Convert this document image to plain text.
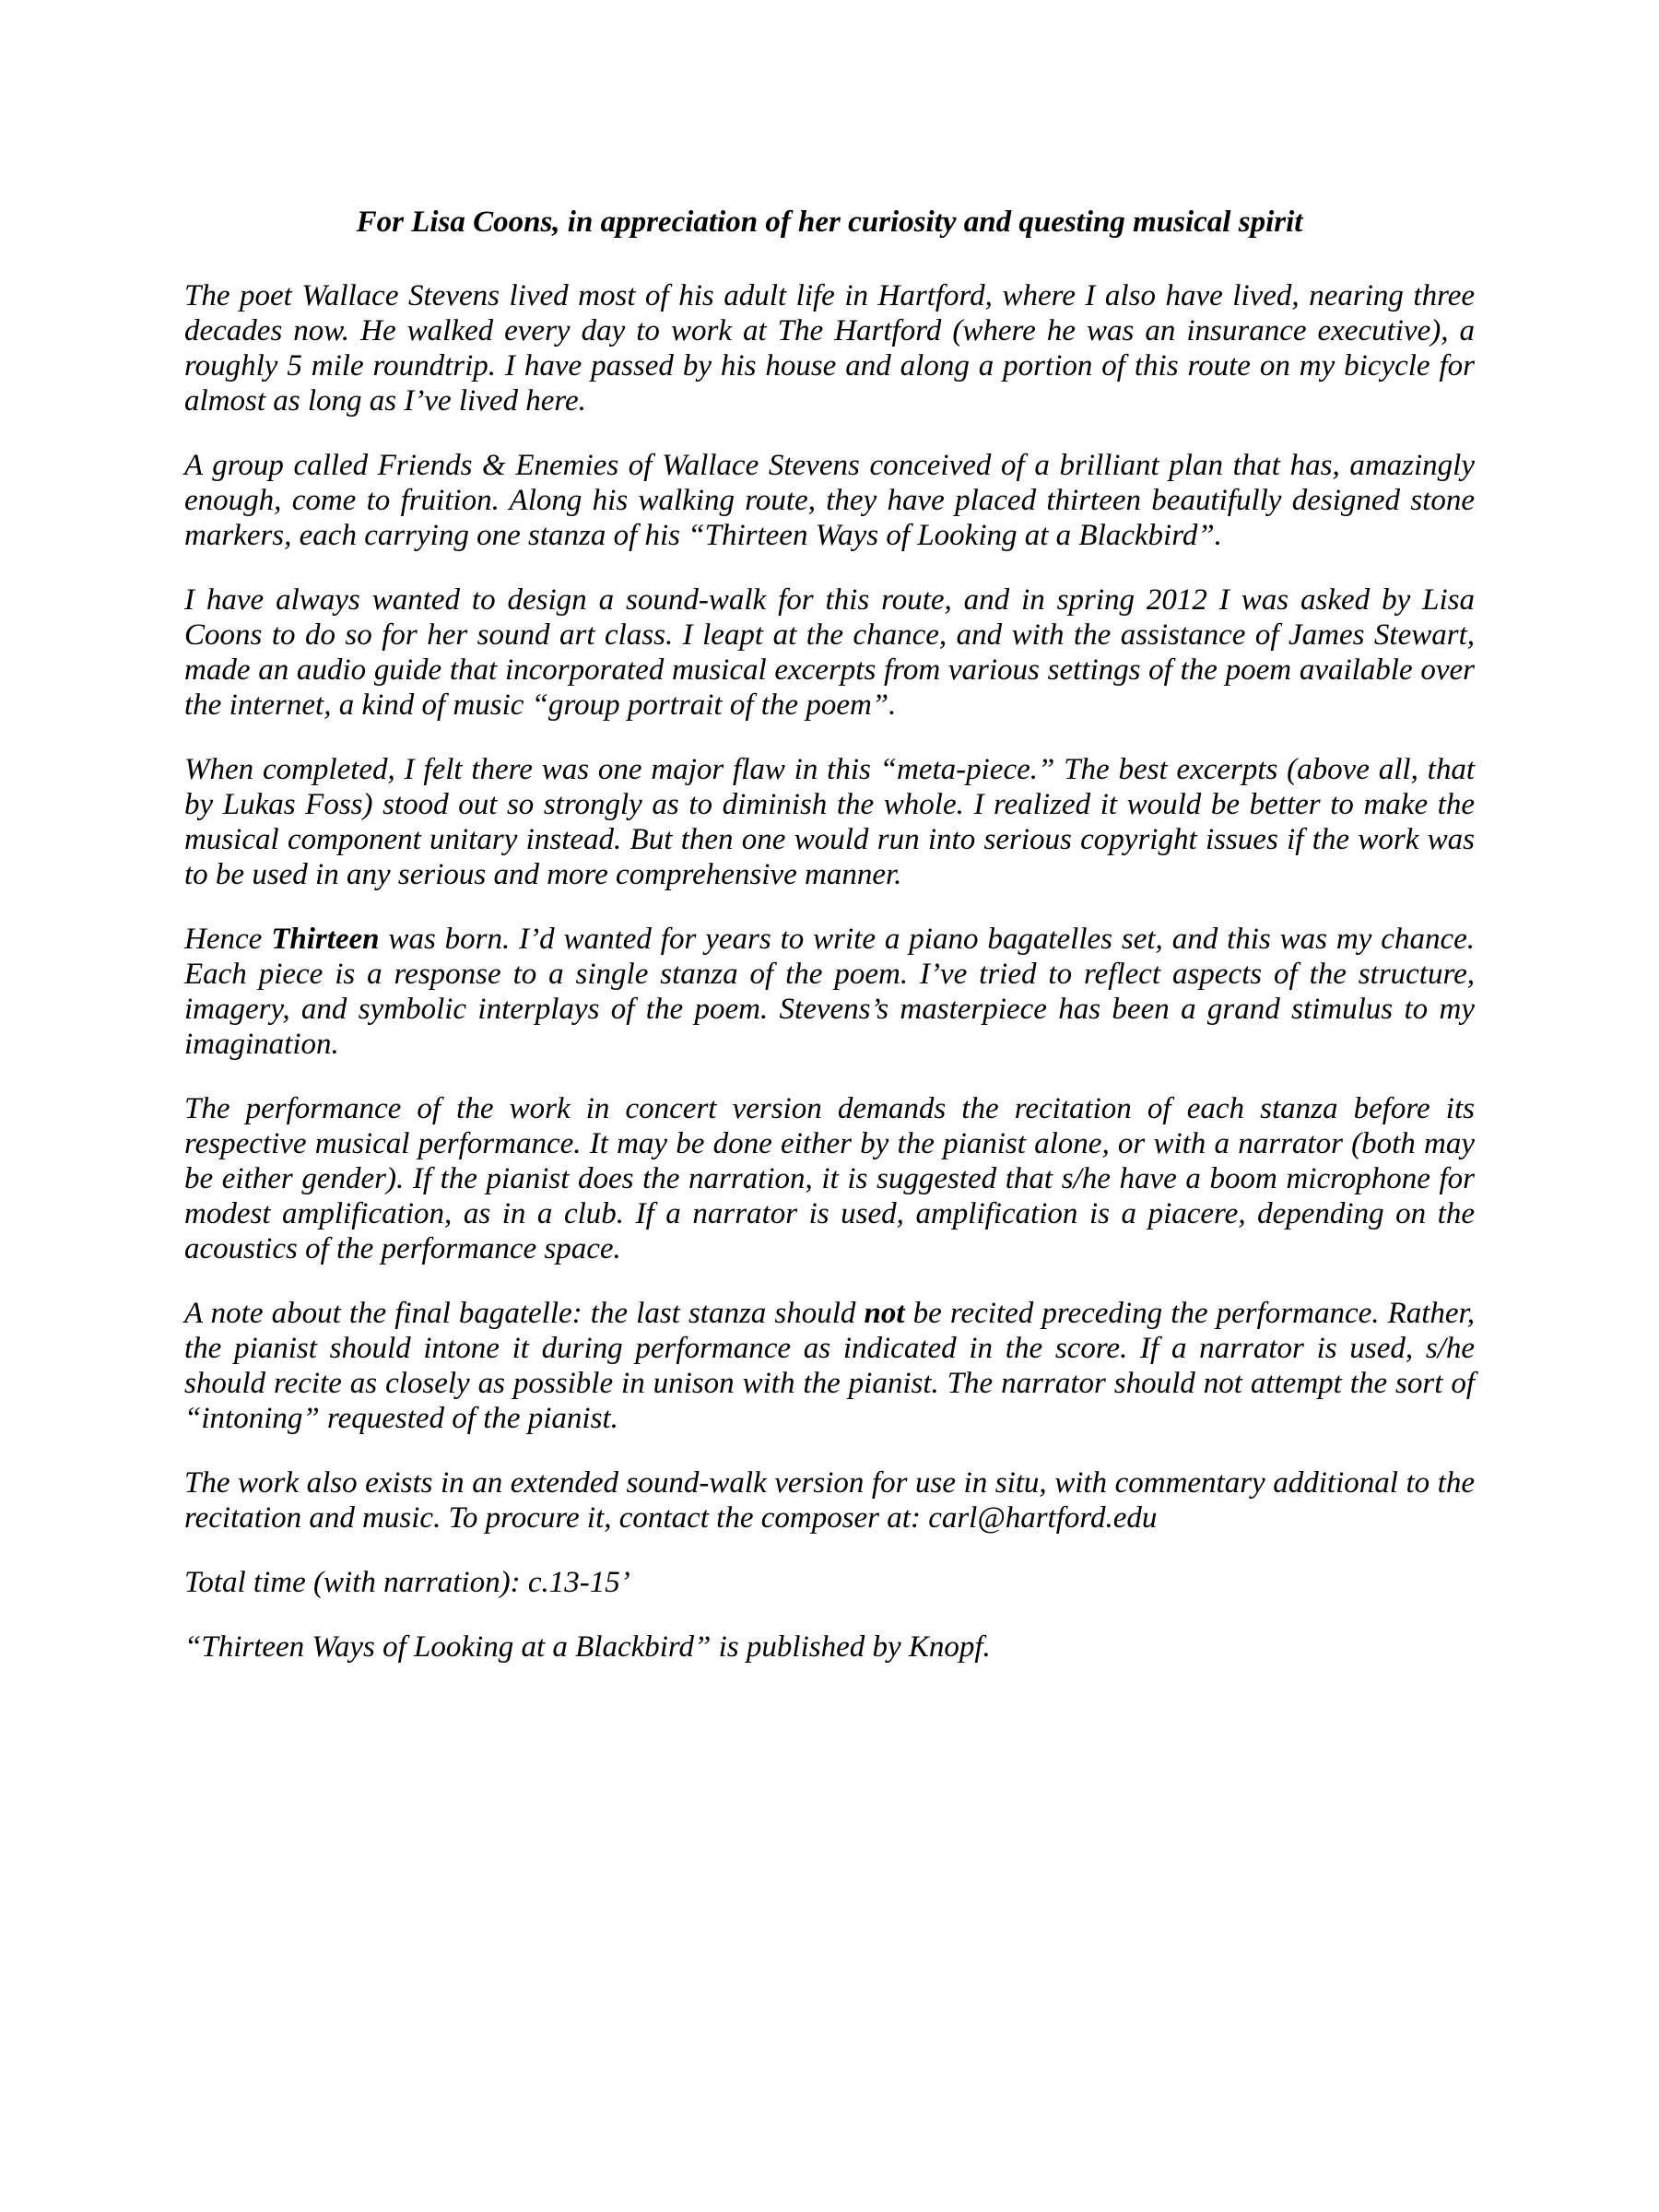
For Lisa Coons, in appreciation of her curiosity and questing musical spirit

The poet Wallace Stevens lived most of his adult life in Hartford, where I also have lived, nearing three decades now. He walked every day to work at The Hartford (where he was an insurance executive), a roughly 5 mile roundtrip. I have passed by his house and along a portion of this route on my bicycle for almost as long as I’ve lived here.

A group called Friends & Enemies of Wallace Stevens conceived of a brilliant plan that has, amazingly enough, come to fruition. Along his walking route, they have placed thirteen beautifully designed stone markers, each carrying one stanza of his “Thirteen Ways of Looking at a Blackbird”.

I have always wanted to design a sound-walk for this route, and in spring 2012 I was asked by Lisa Coons to do so for her sound art class. I leapt at the chance, and with the assistance of James Stewart, made an audio guide that incorporated musical excerpts from various settings of the poem available over the internet, a kind of music “group portrait of the poem”.

When completed, I felt there was one major flaw in this “meta-piece.” The best excerpts (above all, that by Lukas Foss) stood out so strongly as to diminish the whole. I realized it would be better to make the musical component unitary instead. But then one would run into serious copyright issues if the work was to be used in any serious and more comprehensive manner.

Hence Thirteen was born. I’d wanted for years to write a piano bagatelles set, and this was my chance. Each piece is a response to a single stanza of the poem. I’ve tried to reflect aspects of the structure, imagery, and symbolic interplays of the poem. Stevens’s masterpiece has been a grand stimulus to my imagination.

The performance of the work in concert version demands the recitation of each stanza before its respective musical performance. It may be done either by the pianist alone, or with a narrator (both may be either gender). If the pianist does the narration, it is suggested that s/he have a boom microphone for modest amplification, as in a club. If a narrator is used, amplification is a piacere, depending on the acoustics of the performance space.

A note about the final bagatelle: the last stanza should not be recited preceding the performance. Rather, the pianist should intone it during performance as indicated in the score. If a narrator is used, s/he should recite as closely as possible in unison with the pianist. The narrator should not attempt the sort of “intoning” requested of the pianist.

The work also exists in an extended sound-walk version for use in situ, with commentary additional to the recitation and music. To procure it, contact the composer at: carl@hartford.edu

Total time (with narration): c.13-15’

“Thirteen Ways of Looking at a Blackbird” is published by Knopf.
